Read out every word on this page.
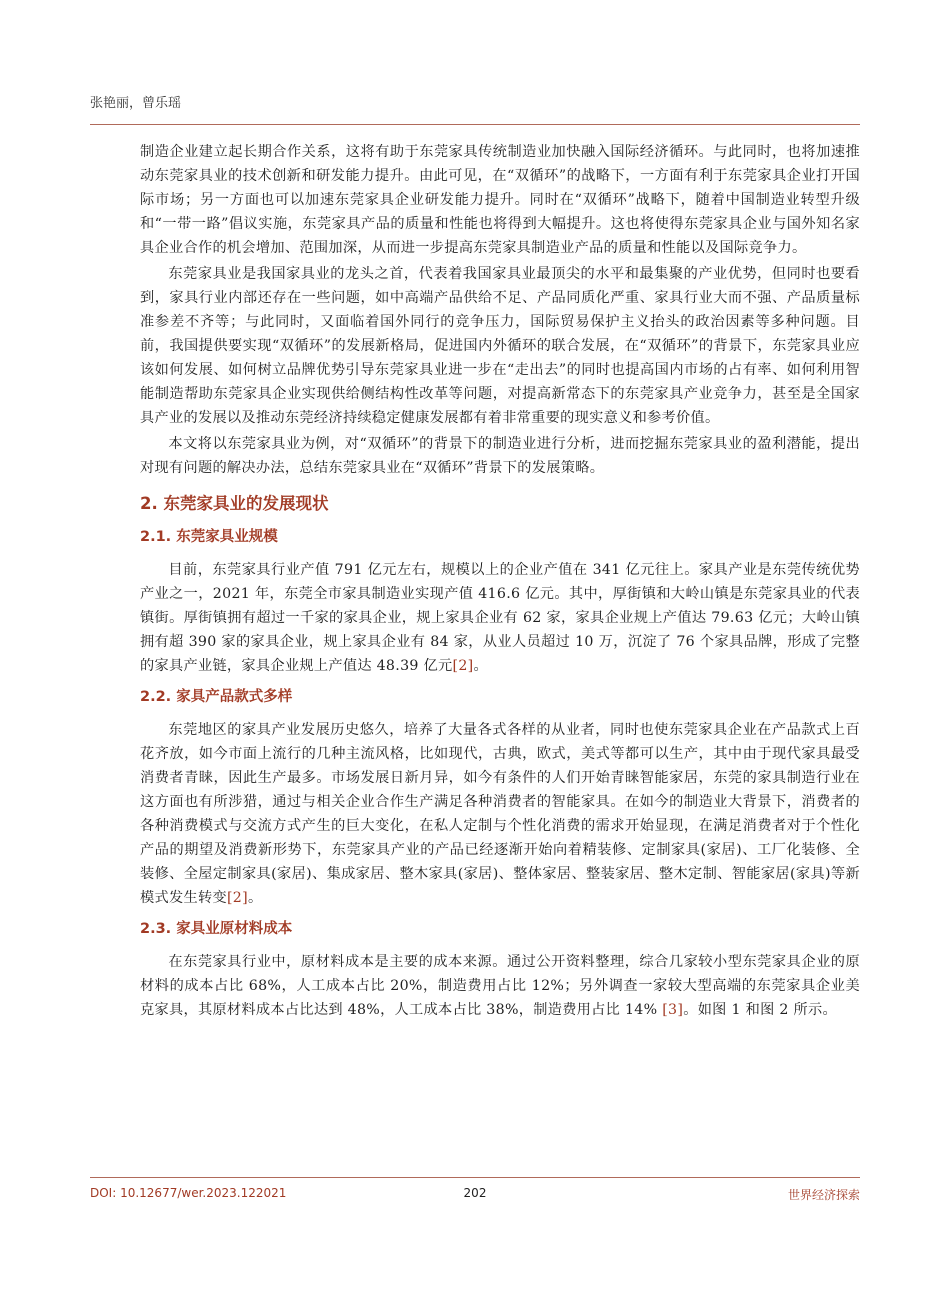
张艳丽，曾乐瑶

制造企业建立起长期合作关系，这将有助于东莞家具传统制造业加快融入国际经济循环。与此同时，也将加速推动东莞家具业的技术创新和研发能力提升。由此可见，在“双循环”的战略下，一方面有利于东莞家具企业打开国际市场；另一方面也可以加速东莞家具企业研发能力提升。同时在“双循环”战略下，随着中国制造业转型升级和“一带一路”倡议实施，东莞家具产品的质量和性能也将得到大幅提升。这也将使得东莞家具企业与国外知名家具企业合作的机会增加、范围加深，从而进一步提高东莞家具制造业产品的质量和性能以及国际竞争力。

东莞家具业是我国家具业的龙头之首，代表着我国家具业最顶尖的水平和最集聚的产业优势，但同时也要看到，家具行业内部还存在一些问题，如中高端产品供给不足、产品同质化严重、家具行业大而不强、产品质量标准参差不齐等；与此同时，又面临着国外同行的竞争压力，国际贸易保护主义抬头的政治因素等多种问题。目前，我国提供要实现“双循环”的发展新格局，促进国内外循环的联合发展，在“双循环”的背景下，东莞家具业应该如何发展、如何树立品牌优势引导东莞家具业进一步在“走出去”的同时也提高国内市场的占有率、如何利用智能制造帮助东莞家具企业实现供给侧结构性改革等问题，对提高新常态下的东莞家具产业竞争力，甚至是全国家具产业的发展以及推动东莞经济持续稳定健康发展都有着非常重要的现实意义和参考价值。

本文将以东莞家具业为例，对“双循环”的背景下的制造业进行分析，进而挖掘东莞家具业的盈利潜能，提出对现有问题的解决办法，总结东莞家具业在“双循环”背景下的发展策略。

2. 东莞家具业的发展现状
2.1. 东莞家具业规模

目前，东莞家具行业产值 791 亿元左右，规模以上的企业产值在 341 亿元往上。家具产业是东莞传统优势产业之一，2021 年，东莞全市家具制造业实现产值 416.6 亿元。其中，厚街镇和大岭山镇是东莞家具业的代表镇街。厚街镇拥有超过一千家的家具企业，规上家具企业有 62 家，家具企业规上产值达 79.63 亿元；大岭山镇拥有超 390 家的家具企业，规上家具企业有 84 家，从业人员超过 10 万，沉淀了 76 个家具品牌，形成了完整的家具产业链，家具企业规上产值达 48.39 亿元[2]。

2.2. 家具产品款式多样

东莞地区的家具产业发展历史悠久，培养了大量各式各样的从业者，同时也使东莞家具企业在产品款式上百花齐放，如今市面上流行的几种主流风格，比如现代，古典，欧式，美式等都可以生产，其中由于现代家具最受消费者青睐，因此生产最多。市场发展日新月异，如今有条件的人们开始青睐智能家居，东莞的家具制造行业在这方面也有所涉猎，通过与相关企业合作生产满足各种消费者的智能家具。在如今的制造业大背景下，消费者的各种消费模式与交流方式产生的巨大变化，在私人定制与个性化消费的需求开始显现，在满足消费者对于个性化产品的期望及消费新形势下，东莞家具产业的产品已经逐渐开始向着精装修、定制家具(家居)、工厂化装修、全装修、全屋定制家具(家居)、集成家居、整木家具(家居)、整体家居、整装家居、整木定制、智能家居(家具)等新模式发生转变[2]。

2.3. 家具业原材料成本

在东莞家具行业中，原材料成本是主要的成本来源。通过公开资料整理，综合几家较小型东莞家具企业的原材料的成本占比 68%，人工成本占比 20%，制造费用占比 12%；另外调查一家较大型高端的东莞家具企业美克家具，其原材料成本占比达到 48%，人工成本占比 38%，制造费用占比 14% [3]。如图 1 和图 2 所示。

DOI: 10.12677/wer.2023.122021	202	世界经济探索
